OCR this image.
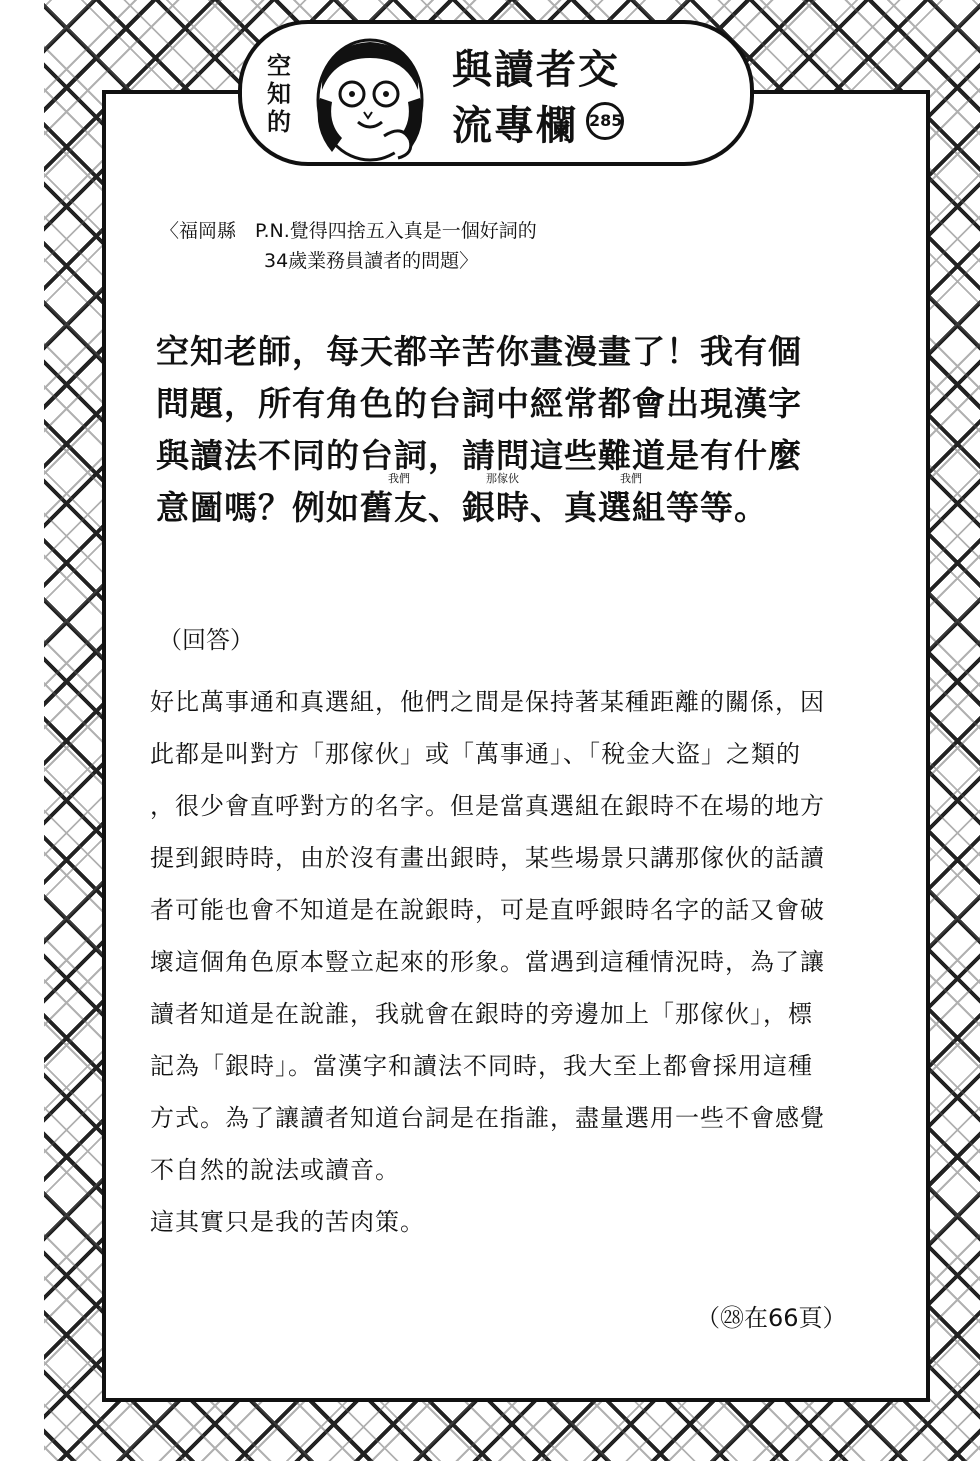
空知的
與讀者交
流專欄 285
〈福岡縣　P.N.覺得四捨五入真是一個好詞的
34歲業務員讀者的問題〉
空知老師，每天都辛苦你畫漫畫了！我有個
問題，所有角色的台詞中經常都會出現漢字
與讀法不同的台詞，請問這些難道是有什麼
意圖嗎？例如舊友、銀時、真選組等等。
我們	那傢伙	我們
（回答）

好比萬事通和真選組，他們之間是保持著某種距離的關係，因

此都是叫對方「那傢伙」或「萬事通」、「稅金大盜」之類的

，很少會直呼對方的名字。但是當真選組在銀時不在場的地方

提到銀時時，由於沒有畫出銀時，某些場景只講那傢伙的話讀

者可能也會不知道是在說銀時，可是直呼銀時名字的話又會破

壞這個角色原本豎立起來的形象。當遇到這種情況時，為了讓

讀者知道是在說誰，我就會在銀時的旁邊加上「那傢伙」，標

記為「銀時」。當漢字和讀法不同時，我大至上都會採用這種

方式。為了讓讀者知道台詞是在指誰，盡量選用一些不會感覺

不自然的說法或讀音。

這其實只是我的苦肉策。

（㉘在66頁）
